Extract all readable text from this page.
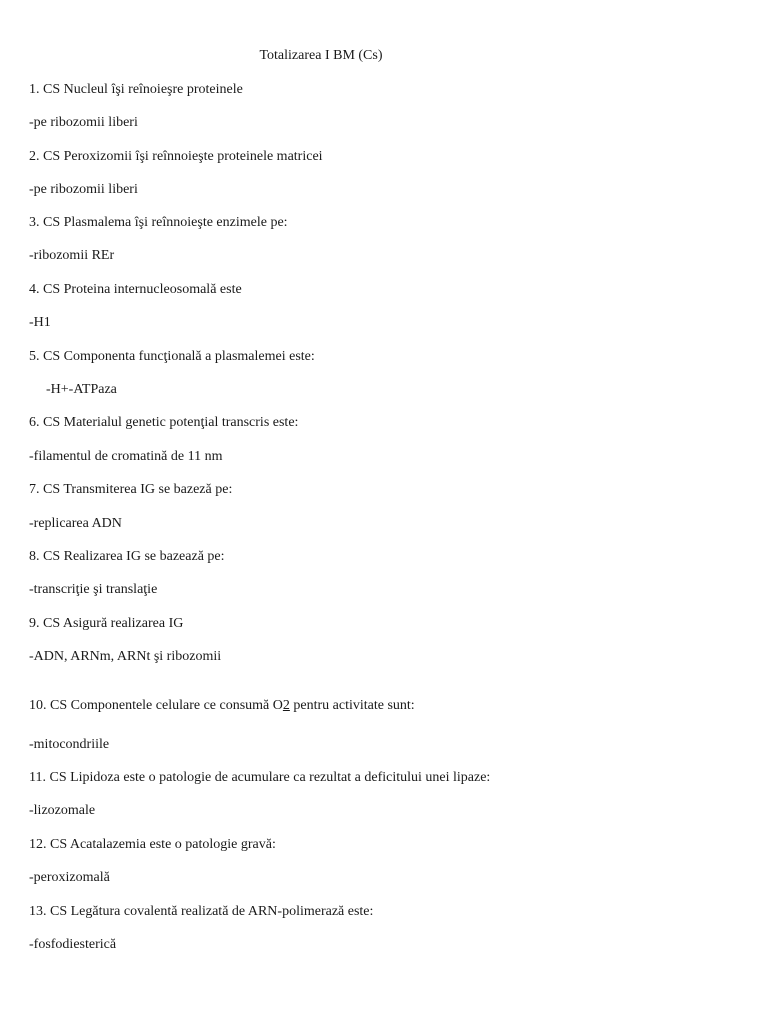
Totalizarea I BM (Cs)
1. CS Nucleul îşi reînoieşre proteinele
-pe ribozomii liberi
2. CS Peroxizomii îşi reînnoieşte proteinele matricei
-pe ribozomii liberi
3. CS Plasmalema îşi reînnoieşte enzimele pe:
-ribozomii REr
4. CS Proteina internucleosomală este
-H1
5. CS Componenta funcţională a plasmalemei este:
-H+-ATPaza
6. CS Materialul genetic potenţial transcris este:
-filamentul de cromatină de 11 nm
7. CS Transmiterea IG se bazeză pe:
-replicarea ADN
8. CS Realizarea IG se bazează pe:
-transcriţie şi translaţie
9. CS Asigură realizarea IG
-ADN, ARNm, ARNt şi ribozomii
10. CS Componentele celulare ce consumă O2 pentru activitate sunt:
-mitocondriile
11. CS Lipidoza este o patologie de acumulare ca rezultat a deficitului unei lipaze:
-lizozomale
12. CS Acatalazemia este o patologie gravă:
-peroxizomală
13. CS Legătura covalentă realizată de ARN-polimerază este:
-fosfodiesterică
